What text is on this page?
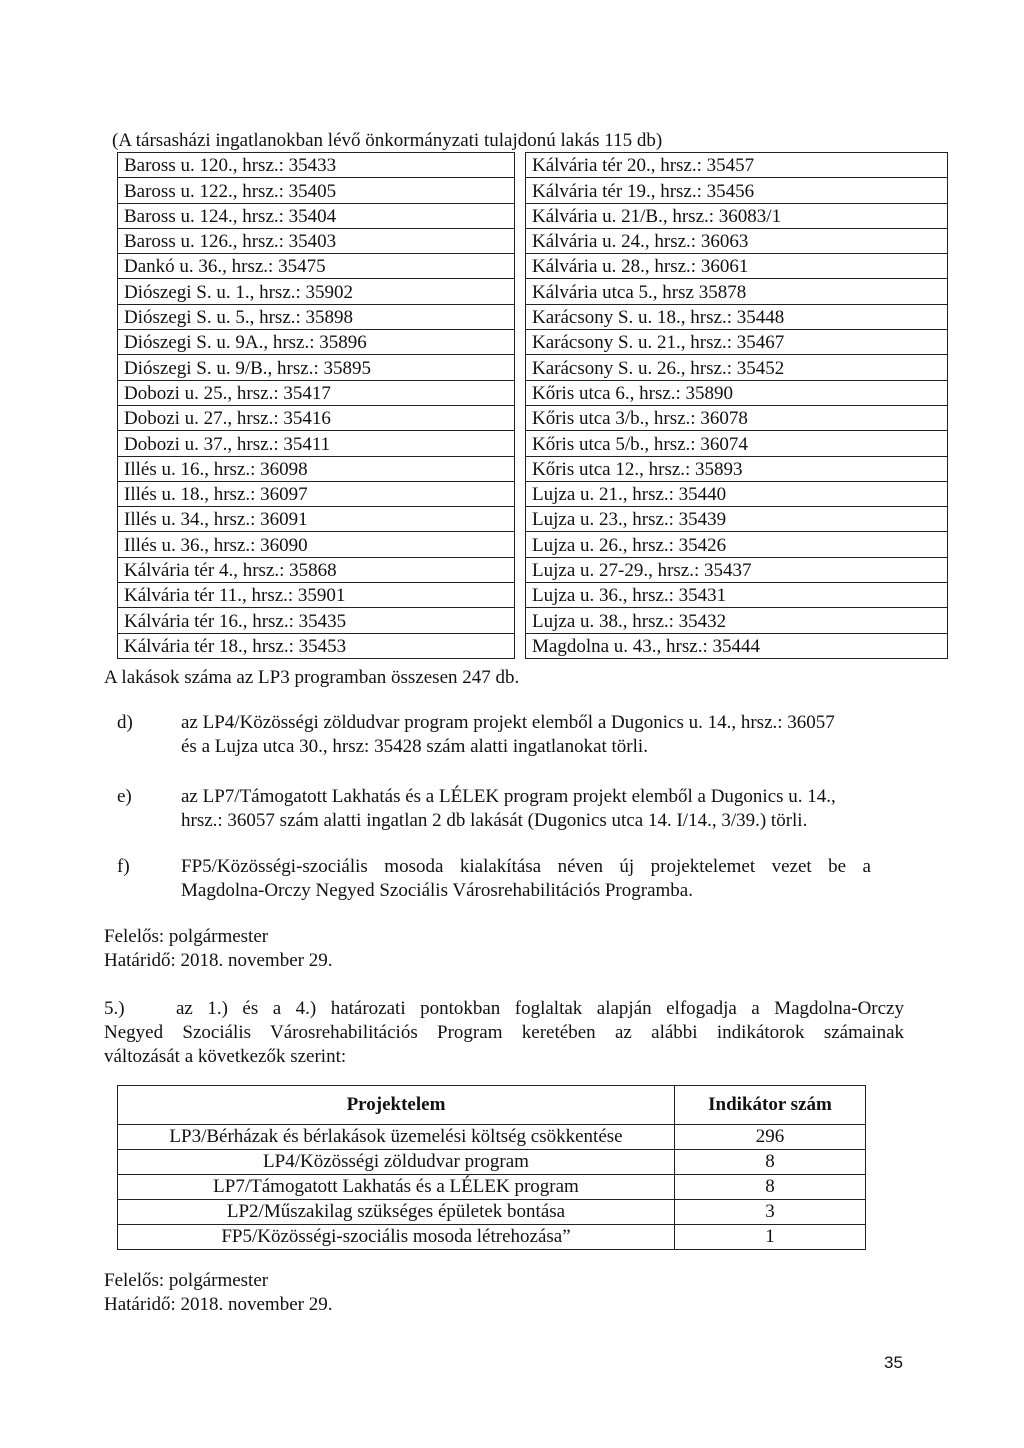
(A társasházi ingatlanokban lévő önkormányzati tulajdonú lakás 115 db)
Baross u. 120., hrsz.: 35433		Kálvária tér 20., hrsz.: 35457
Baross u. 122., hrsz.: 35405		Kálvária tér 19., hrsz.: 35456
Baross u. 124., hrsz.: 35404		Kálvária u. 21/B., hrsz.: 36083/1
Baross u. 126., hrsz.: 35403		Kálvária u. 24., hrsz.: 36063
Dankó u. 36., hrsz.: 35475		Kálvária u. 28., hrsz.: 36061
Diószegi S. u. 1., hrsz.: 35902		Kálvária utca 5., hrsz 35878
Diószegi S. u. 5., hrsz.: 35898		Karácsony S. u. 18., hrsz.: 35448
Diószegi S. u. 9A., hrsz.: 35896		Karácsony S. u. 21., hrsz.: 35467
Diószegi S. u. 9/B., hrsz.: 35895		Karácsony S. u. 26., hrsz.: 35452
Dobozi u. 25., hrsz.: 35417		Kőris utca 6., hrsz.: 35890
Dobozi u. 27., hrsz.: 35416		Kőris utca 3/b., hrsz.: 36078
Dobozi u. 37., hrsz.: 35411		Kőris utca 5/b., hrsz.: 36074
Illés u. 16., hrsz.: 36098		Kőris utca 12., hrsz.: 35893
Illés u. 18., hrsz.: 36097		Lujza u. 21., hrsz.: 35440
Illés u. 34., hrsz.: 36091		Lujza u. 23., hrsz.: 35439
Illés u. 36., hrsz.: 36090		Lujza u. 26., hrsz.: 35426
Kálvária tér 4., hrsz.: 35868		Lujza u. 27-29., hrsz.: 35437
Kálvária tér 11., hrsz.: 35901		Lujza u. 36., hrsz.: 35431
Kálvária tér 16., hrsz.: 35435		Lujza u. 38., hrsz.: 35432
Kálvária tér 18., hrsz.: 35453		Magdolna u. 43., hrsz.: 35444
A lakások száma az LP3 programban összesen 247 db.
d)	az LP4/Közösségi zöldudvar program projekt elemből a Dugonics u. 14., hrsz.: 36057

és a Lujza utca 30., hrsz: 35428 szám alatti ingatlanokat törli.

e)	az LP7/Támogatott Lakhatás és a LÉLEK program projekt elemből a Dugonics u. 14.,

hrsz.: 36057 szám alatti ingatlan 2 db lakását (Dugonics utca 14. I/14., 3/39.) törli.

f)	FP5/Közösségi-szociális mosoda kialakítása néven új projektelemet vezet be a

Magdolna-Orczy Negyed Szociális Városrehabilitációs Programba.

Felelős: polgármester
Határidő: 2018. november 29.

5.)	az 1.) és a 4.) határozati pontokban foglaltak alapján elfogadja a Magdolna-Orczy

Negyed Szociális Városrehabilitációs Program keretében az alábbi indikátorok számainak

változását a következők szerint:

Projektelem	Indikátor szám
LP3/Bérházak és bérlakások üzemelési költség csökkentése	296
LP4/Közösségi zöldudvar program	8
LP7/Támogatott Lakhatás és a LÉLEK program	8
LP2/Műszakilag szükséges épületek bontása	3
FP5/Közösségi-szociális mosoda létrehozása”	1
Felelős: polgármester
Határidő: 2018. november 29.
35
